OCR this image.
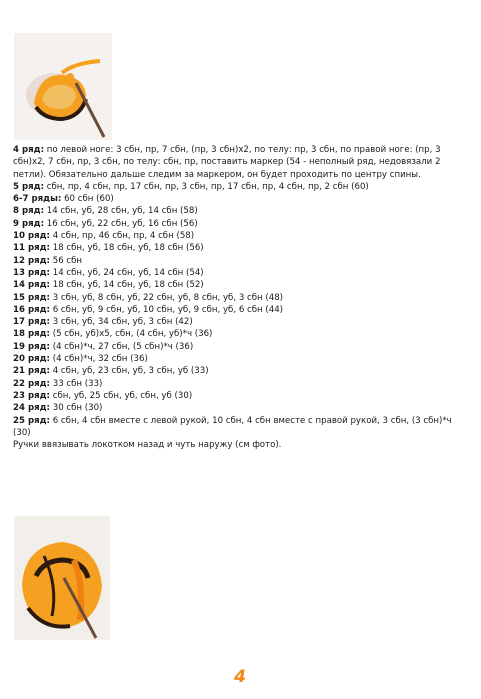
4 ряд: по левой ноге: 3 сбн, пр, 7 сбн, (пр, 3 сбн)х2, по телу: пр, 3 сбн, по правой ноге: (пр, 3 сбн)х2, 7 сбн, пр, 3 сбн, по телу: сбн, пр, поставить маркер (54 - неполный ряд, недовязали 2 петли). Обязательно дальше следим за маркером, он будет проходить по центру спины.
5 ряд: сбн, пр, 4 сбн, пр, 17 сбн, пр, 3 сбн, пр, 17 сбн, пр, 4 сбн, пр, 2 сбн (60)
6-7 ряды: 60 сбн (60)
8 ряд: 14 сбн, уб, 28 сбн, уб, 14 сбн (58)
9 ряд: 16 сбн, уб, 22 сбн, уб, 16 сбн (56)
10 ряд: 4 сбн, пр, 46 сбн, пр, 4 сбн (58)
11 ряд: 18 сбн, уб, 18 сбн, уб, 18 сбн (56)
12 ряд: 56 сбн
13 ряд: 14 сбн, уб, 24 сбн, уб, 14 сбн (54)
14 ряд: 18 сбн, уб, 14 сбн, уб, 18 сбн (52)
15 ряд: 3 сбн, уб, 8 сбн, уб, 22 сбн, уб, 8 сбн, уб, 3 сбн (48)
16 ряд: 6 сбн, уб, 9 сбн, уб, 10 сбн, уб, 9 сбн, уб, 6 сбн (44)
17 ряд: 3 сбн, уб, 34 сбн, уб, 3 сбн (42)
18 ряд: (5 сбн, уб)х5, сбн, (4 сбн, уб)*ч (36)
19 ряд: (4 сбн)*ч, 27 сбн, (5 сбн)*ч (36)
20 ряд: (4 сбн)*ч, 32 сбн (36)
21 ряд: 4 сбн, уб, 23 сбн, уб, 3 сбн, уб (33)
22 ряд: 33 сбн (33)
23 ряд: сбн, уб, 25 сбн, уб, сбн, уб (30)
24 ряд: 30 сбн (30)
25 ряд: 6 сбн, 4 сбн вместе с левой рукой, 10 сбн, 4 сбн вместе с правой рукой, 3 сбн, (3 сбн)*ч (30)
Ручки ввязывать локотком назад и чуть наружу (см фото).
4
